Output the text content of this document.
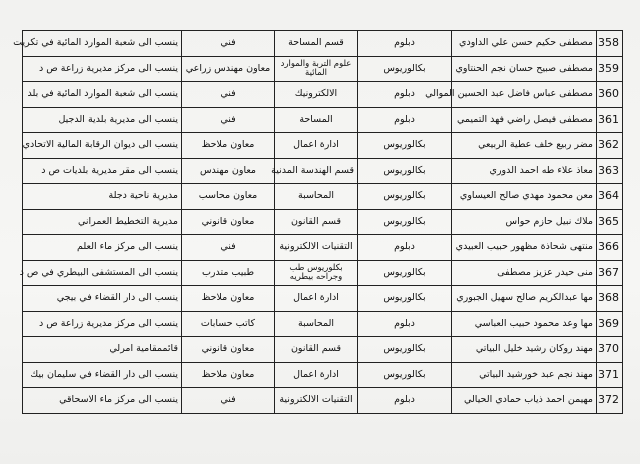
358	مصطفى حكيم حسن علي الداودي	دبلوم	قسم المساحة	فني	ينسب الى شعبة الموارد المائية في تكريت
359	مصطفى صبيح حسان نجم الحنتاوي	بكالوريوس	علوم التربة والموارد المائية	معاون مهندس زراعي	ينسب الى مركز مديرية زراعة ص د
360	مصطفى عباس فاضل عبد الحسين الموالي	دبلوم	الالكترونيك	فني	ينسب الى شعبة الموارد المائية في بلد
361	مصطفى فيصل راضي فهد التميمي	دبلوم	المساحة	فني	ينسب الى مديرية بلدية الدجيل
362	مضر ربيع خلف عطية الربيعي	بكالوريوس	ادارة اعمال	معاون ملاحظ	ينسب الى ديوان الرقابة المالية الاتحادي
363	معاذ علاء طه احمد الدوري	بكالوريوس	قسم الهندسة المدنية	معاون مهندس	ينسب الى مقر مديرية بلديات ص د
364	معن محمود مهدي صالح العيساوي	بكالوريوس	المحاسبة	معاون محاسب	مديرية ناحية دجلة
365	ملاك نبيل حازم حواس	بكالوريوس	قسم القانون	معاون قانوني	مديرية التخطيط العمراني
366	منتهى شحاذة مظهور حبيب العبيدي	دبلوم	التقنيات الالكترونية	فني	ينسب الى مركز ماء العلم
367	منى حيدر عزيز مصطفى	بكالوريوس	بكلوريوس طب وجراحه بيطريه	طبيب متدرب	ينسب الى المستشفى البيطري في ص د
368	مها عبدالكريم صالح سهيل الجبوري	بكالوريوس	ادارة اعمال	معاون ملاحظ	ينسب الى دار القضاء في بيجي
369	مها وعد محمود حبيب العباسي	دبلوم	المحاسبة	كاتب حسابات	ينسب الى مركز مديرية زراعة ص د
370	مهند روكان رشيد خليل البياتي	بكالوريوس	قسم القانون	معاون قانوني	قائممقامية امرلي
371	مهند نجم عبد خورشيد البياتي	بكالوريوس	ادارة اعمال	معاون ملاحظ	ينسب الى دار القضاء في سليمان بيك
372	مهيمن احمد ذياب حمادي الحيالي	دبلوم	التقنيات الالكترونية	فني	ينسب الى مركز ماء الاسحاقي
